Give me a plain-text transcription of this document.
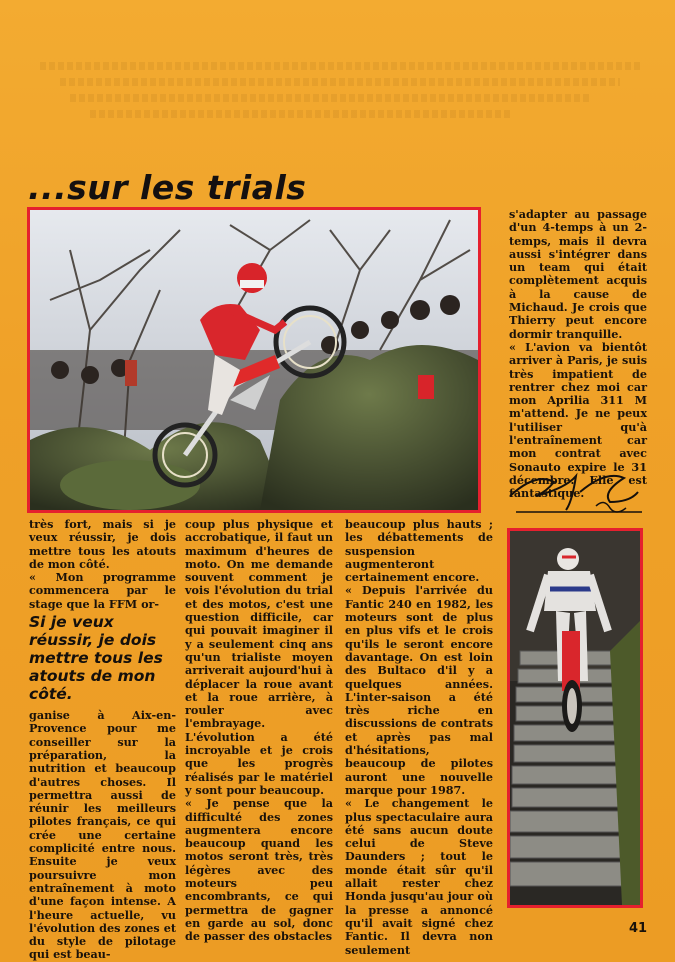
...sur les trials

très fort, mais si je veux réussir, je dois mettre tous les atouts de mon côté.

« Mon programme commencera par le stage que la FFM or-

Si je veux réussir, je dois mettre tous les atouts de mon côté.

ganise à Aix-en-Provence pour me conseiller sur la préparation, la nutrition et beaucoup d'autres choses. Il permettra aussi de réunir les meilleurs pilotes français, ce qui crée une certaine complicité entre nous. Ensuite je veux poursuivre mon entraînement à moto d'une façon intense. A l'heure actuelle, vu l'évolution des zones et du style de pilotage qui est beau-

coup plus physique et accrobatique, il faut un maximum d'heures de moto. On me demande souvent comment je vois l'évolution du trial et des motos, c'est une question difficile, car qui pouvait imaginer il y a seulement cinq ans qu'un trialiste moyen arriverait aujourd'hui à déplacer la roue avant et la roue arrière, à rouler avec l'embrayage. L'évolution a été incroyable et je crois que les progrès réalisés par le matériel y sont pour beaucoup.

« Je pense que la difficulté des zones augmentera encore beaucoup quand les motos seront très, très légères avec des moteurs peu encombrants, ce qui permettra de gagner en garde au sol, donc de passer des obstacles

beaucoup plus hauts ; les débattements de suspension augmenteront certainement encore.

« Depuis l'arrivée du Fantic 240 en 1982, les moteurs sont de plus en plus vifs et le crois qu'ils le seront encore davantage. On est loin des Bultaco d'il y a quelques années. L'inter-saison a été très riche en discussions de contrats et après pas mal d'hésitations, beaucoup de pilotes auront une nouvelle marque pour 1987.

« Le changement le plus spectaculaire aura été sans aucun doute celui de Steve Daunders ; tout le monde était sûr qu'il allait rester chez Honda jusqu'au jour où la presse a annoncé qu'il avait signé chez Fantic. Il devra non seulement

s'adapter au passage d'un 4-temps à un 2-temps, mais il devra aussi s'intégrer dans un team qui était complètement acquis à la cause de Michaud. Je crois que Thierry peut encore dormir tranquille.

« L'avion va bientôt arriver à Paris, je suis très impatient de rentrer chez moi car mon Aprilia 311 M m'attend. Je ne peux l'utiliser qu'à l'entraînement car mon contrat avec Sonauto expire le 31 décembre. Elle est fantastique.

41
